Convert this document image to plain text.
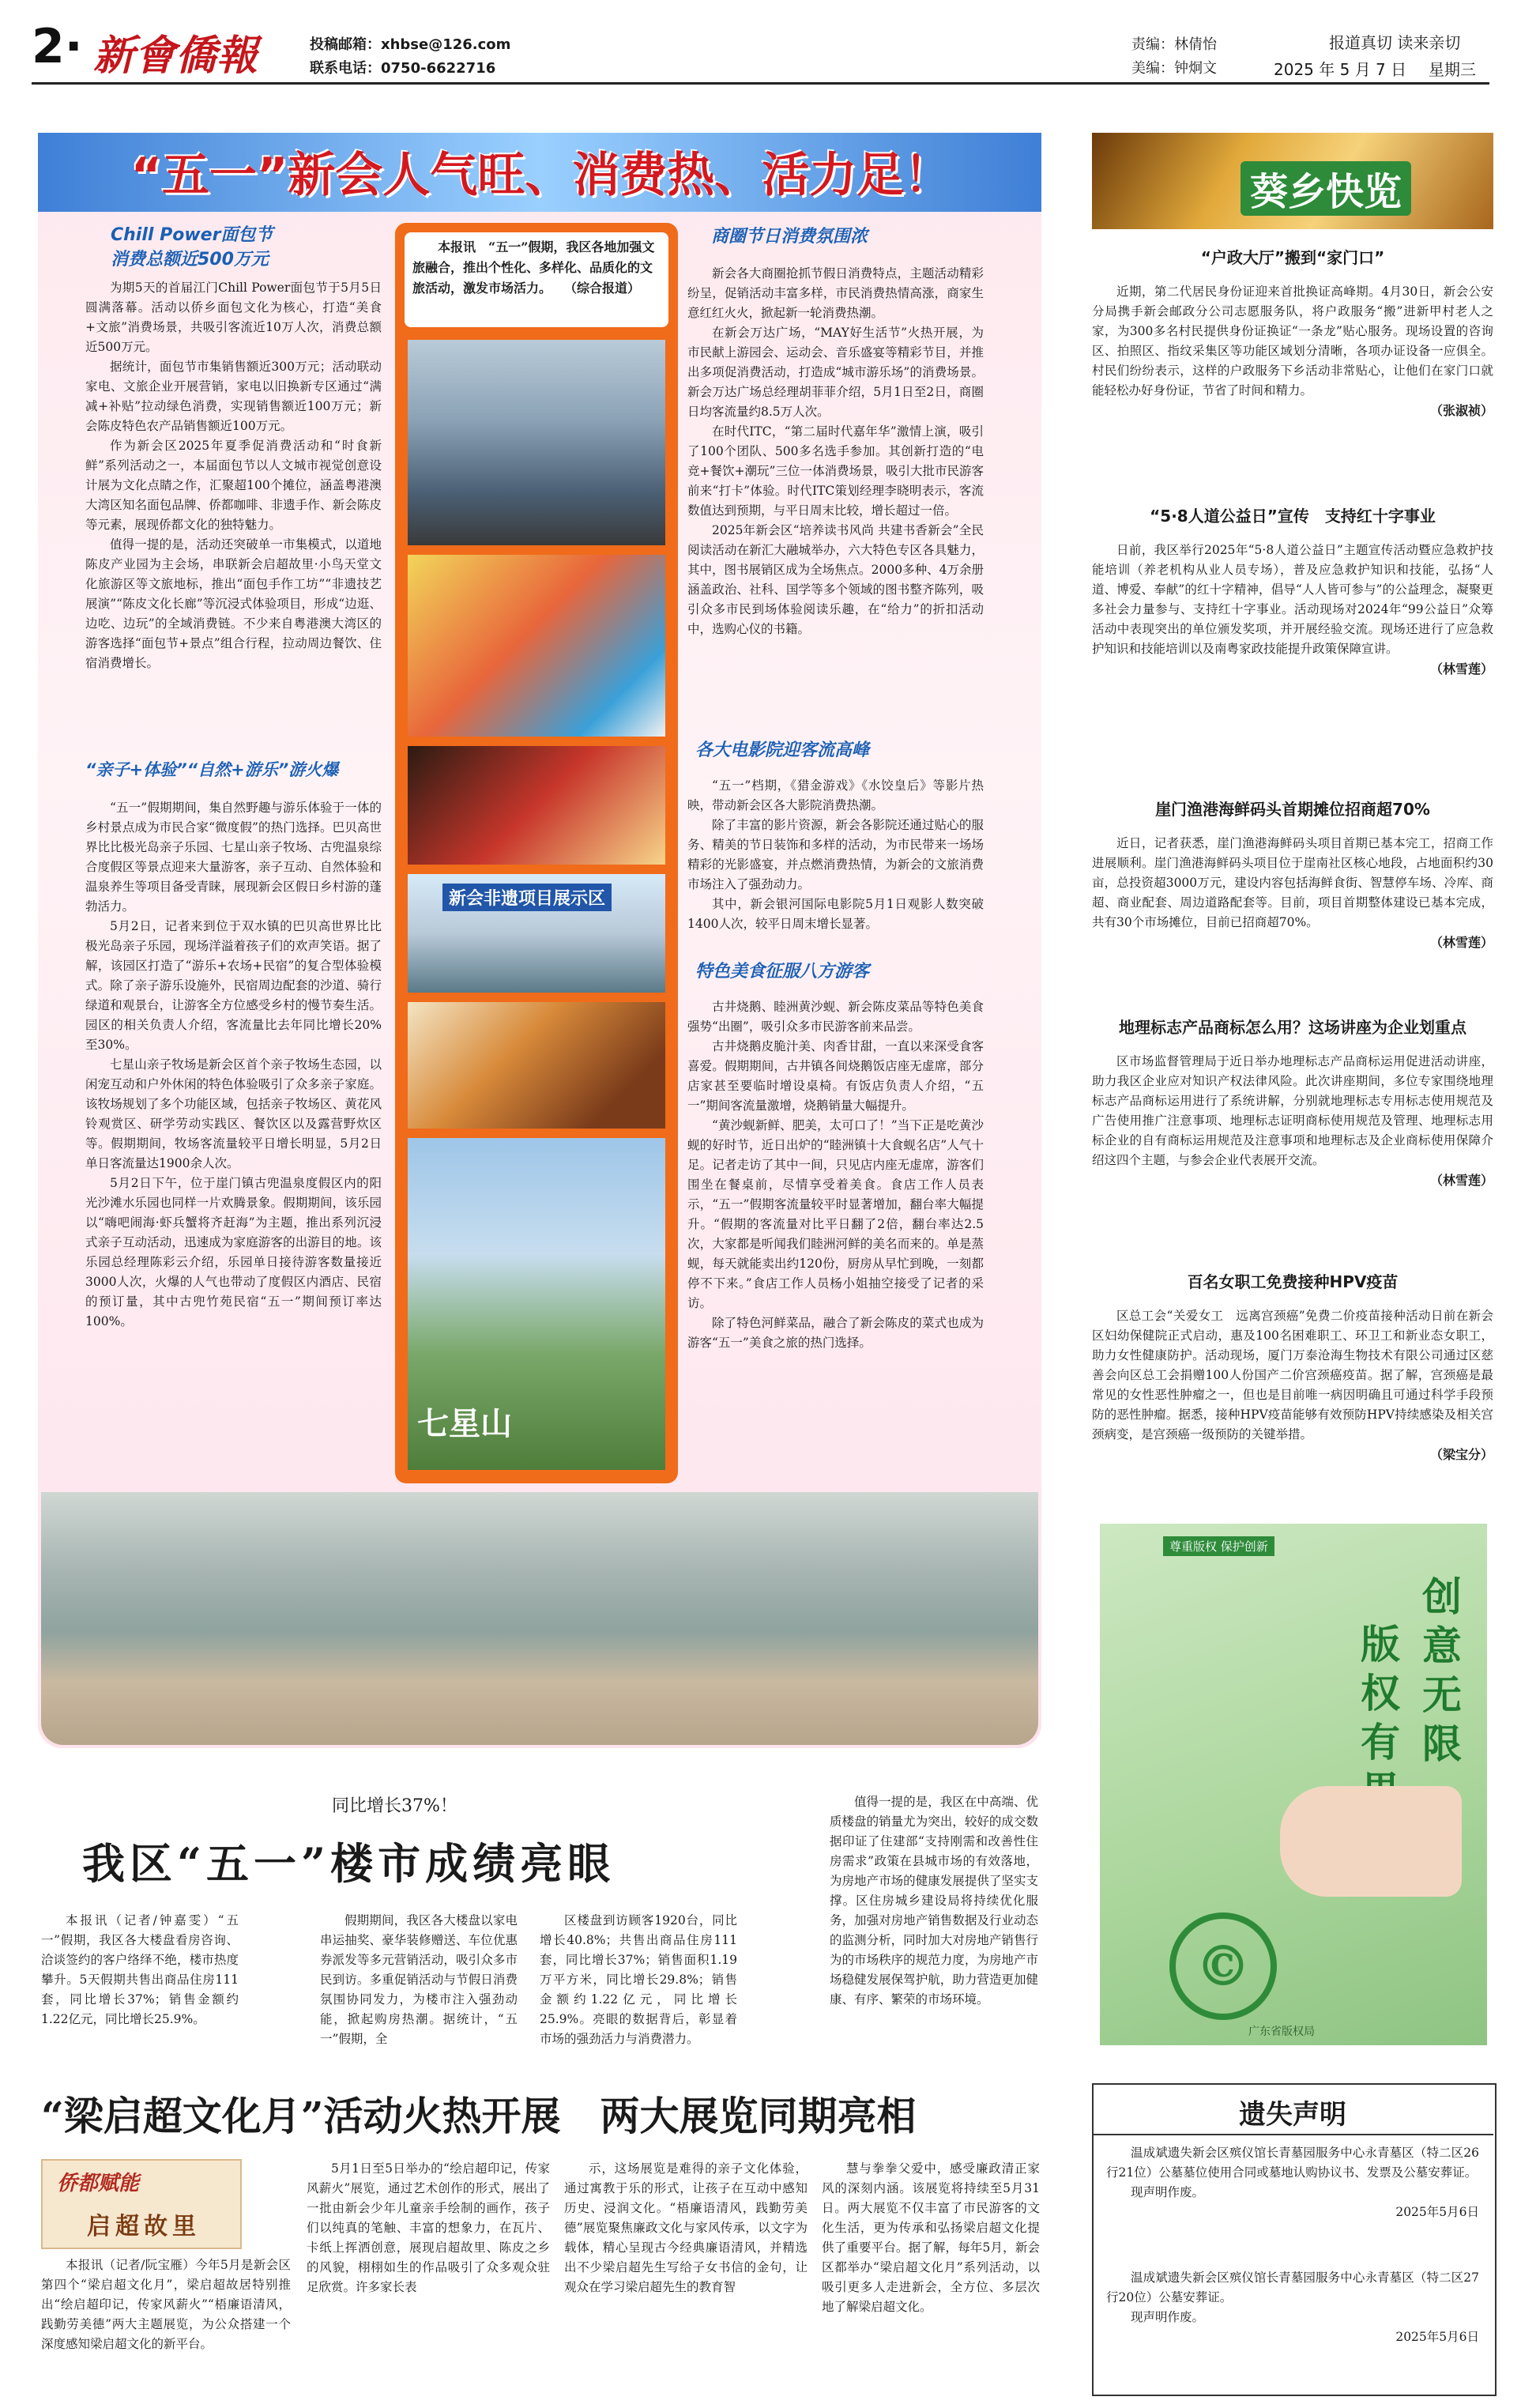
2· 新會僑報	投稿邮箱：xhbse@126.com
联系电话：0750-6622716
责编：林倩怡
美编：钟炯文
报道真切 读来亲切
2025 年 5 月 7 日 星期三
“五一”新会人气旺、消费热、活力足！
Chill Power面包节
消费总额近500万元

为期5天的首届江门Chill Power面包节于5月5日圆满落幕。活动以侨乡面包文化为核心，打造“美食+文旅”消费场景，共吸引客流近10万人次，消费总额近500万元。

据统计，面包节市集销售额近300万元；活动联动家电、文旅企业开展营销，家电以旧换新专区通过“满减+补贴”拉动绿色消费，实现销售额近100万元；新会陈皮特色农产品销售额近100万元。

作为新会区2025年夏季促消费活动和“时食新鲜”系列活动之一，本届面包节以人文城市视觉创意设计展为文化点睛之作，汇聚超100个摊位，涵盖粤港澳大湾区知名面包品牌、侨都咖啡、非遗手作、新会陈皮等元素，展现侨都文化的独特魅力。

值得一提的是，活动还突破单一市集模式，以道地陈皮产业园为主会场，串联新会启超故里·小鸟天堂文化旅游区等文旅地标，推出“面包手作工坊”“非遗技艺展演”“陈皮文化长廊”等沉浸式体验项目，形成“边逛、边吃、边玩”的全域消费链。不少来自粤港澳大湾区的游客选择“面包节+景点”组合行程，拉动周边餐饮、住宿消费增长。

“亲子+体验”“自然+游乐”游火爆

“五一”假期期间，集自然野趣与游乐体验于一体的乡村景点成为市民合家“微度假”的热门选择。巴贝高世界比比极光岛亲子乐园、七星山亲子牧场、古兜温泉综合度假区等景点迎来大量游客，亲子互动、自然体验和温泉养生等项目备受青睐，展现新会区假日乡村游的蓬勃活力。

5月2日，记者来到位于双水镇的巴贝高世界比比极光岛亲子乐园，现场洋溢着孩子们的欢声笑语。据了解，该园区打造了“游乐+农场+民宿”的复合型体验模式。除了亲子游乐设施外，民宿周边配套的沙道、骑行绿道和观景台，让游客全方位感受乡村的慢节奏生活。园区的相关负责人介绍，客流量比去年同比增长20%至30%。

七星山亲子牧场是新会区首个亲子牧场生态园，以闲宠互动和户外休闲的特色体验吸引了众多亲子家庭。该牧场规划了多个功能区域，包括亲子牧场区、黄花风铃观赏区、研学劳动实践区、餐饮区以及露营野炊区等。假期期间，牧场客流量较平日增长明显，5月2日单日客流量达1900余人次。

5月2日下午，位于崖门镇古兜温泉度假区内的阳光沙滩水乐园也同样一片欢腾景象。假期期间，该乐园以“嗨吧闹海·虾兵蟹将齐赶海”为主题，推出系列沉浸式亲子互动活动，迅速成为家庭游客的出游目的地。该乐园总经理陈彩云介绍，乐园单日接待游客数量接近3000人次，火爆的人气也带动了度假区内酒店、民宿的预订量，其中古兜竹苑民宿“五一”期间预订率达100%。

本报讯　“五一”假期，我区各地加强文旅融合，推出个性化、多样化、品质化的文旅活动，激发市场活力。　　（综合报道）
新会非遗项目展示区
七星山
商圈节日消费氛围浓

新会各大商圈抢抓节假日消费特点，主题活动精彩纷呈，促销活动丰富多样，市民消费热情高涨，商家生意红红火火，掀起新一轮消费热潮。

在新会万达广场，“MAY好生活节”火热开展，为市民献上游园会、运动会、音乐盛宴等精彩节目，并推出多项促消费活动，打造成“城市游乐场”的消费场景。新会万达广场总经理胡菲菲介绍，5月1日至2日，商圈日均客流量约8.5万人次。

在时代ITC，“第二届时代嘉年华”激情上演，吸引了100个团队、500多名选手参加。其创新打造的“电竞+餐饮+潮玩”三位一体消费场景，吸引大批市民游客前来“打卡”体验。时代ITC策划经理李晓明表示，客流数值达到预期，与平日周末比较，增长超过一倍。

2025年新会区“培养读书风尚 共建书香新会”全民阅读活动在新汇大融城举办，六大特色专区各具魅力，其中，图书展销区成为全场焦点。2000多种、4万余册涵盖政治、社科、国学等多个领域的图书整齐陈列，吸引众多市民到场体验阅读乐趣，在“给力”的折扣活动中，选购心仪的书籍。

各大电影院迎客流高峰

“五一”档期，《猎金游戏》《水饺皇后》等影片热映，带动新会区各大影院消费热潮。

除了丰富的影片资源，新会各影院还通过贴心的服务、精美的节日装饰和多样的活动，为市民带来一场场精彩的光影盛宴，并点燃消费热情，为新会的文旅消费市场注入了强劲动力。

其中，新会银河国际电影院5月1日观影人数突破1400人次，较平日周末增长显著。

特色美食征服八方游客

古井烧鹅、睦洲黄沙蚬、新会陈皮菜品等特色美食强势“出圈”，吸引众多市民游客前来品尝。

古井烧鹅皮脆汁美、肉香甘甜，一直以来深受食客喜爱。假期期间，古井镇各间烧鹅饭店座无虚席，部分店家甚至要临时增设桌椅。有饭店负责人介绍，“五一”期间客流量激增，烧鹅销量大幅提升。

“黄沙蚬新鲜、肥美，太可口了！”当下正是吃黄沙蚬的好时节，近日出炉的“睦洲镇十大食蚬名店”人气十足。记者走访了其中一间，只见店内座无虚席，游客们围坐在餐桌前，尽情享受着美食。食店工作人员表示，“五一”假期客流量较平时显著增加，翻台率大幅提升。“假期的客流量对比平日翻了2倍，翻台率达2.5次，大家都是听闻我们睦洲河鲜的美名而来的。单是蒸蚬，每天就能卖出约120份，厨房从早忙到晚，一刻都停不下来。”食店工作人员杨小姐抽空接受了记者的采访。

除了特色河鲜菜品，融合了新会陈皮的菜式也成为游客“五一”美食之旅的热门选择。

同比增长37%！
我区“五一”楼市成绩亮眼
本报讯（记者/钟嘉雯）“五一”假期，我区各大楼盘看房咨询、洽谈签约的客户络绎不绝，楼市热度攀升。5天假期共售出商品住房111套，同比增长37%；销售金额约1.22亿元，同比增长25.9%。
假期期间，我区各大楼盘以家电串运抽奖、豪华装修赠送、车位优惠券派发等多元营销活动，吸引众多市民到访。多重促销活动与节假日消费氛围协同发力，为楼市注入强劲动能，掀起购房热潮。据统计，“五一”假期，全
区楼盘到访顾客1920台，同比增长40.8%；共售出商品住房111套，同比增长37%；销售面积1.19万平方米，同比增长29.8%；销售金额约1.22亿元，同比增长25.9%。亮眼的数据背后，彰显着市场的强劲活力与消费潜力。
值得一提的是，我区在中高端、优质楼盘的销量尤为突出，较好的成交数据印证了住建部“支持刚需和改善性住房需求”政策在县城市场的有效落地，为房地产市场的健康发展提供了坚实支撑。区住房城乡建设局将持续优化服务，加强对房地产销售数据及行业动态的监测分析，同时加大对房地产销售行为的市场秩序的规范力度，为房地产市场稳健发展保驾护航，助力营造更加健康、有序、繁荣的市场环境。
“梁启超文化月”活动火热开展　两大展览同期亮相
侨都赋能
启超故里
本报讯（记者/阮宝雁）今年5月是新会区第四个“梁启超文化月”，梁启超故居特别推出“绘启超印记，传家风薪火”“梧廉语清风，践勤劳美德”两大主题展览，为公众搭建一个深度感知梁启超文化的新平台。
5月1日至5日举办的“绘启超印记，传家风薪火”展览，通过艺术创作的形式，展出了一批由新会少年儿童亲手绘制的画作，孩子们以纯真的笔触、丰富的想象力，在瓦片、卡纸上挥洒创意，展现启超故里、陈皮之乡的风貌，栩栩如生的作品吸引了众多观众驻足欣赏。许多家长表
示，这场展览是难得的亲子文化体验，通过寓教于乐的形式，让孩子在互动中感知历史、浸润文化。“梧廉语清风，践勤劳美德”展览聚焦廉政文化与家风传承，以文字为载体，精心呈现古今经典廉语清风，并精选出不少梁启超先生写给子女书信的金句，让观众在学习梁启超先生的教育智
慧与拳拳父爱中，感受廉政清正家风的深刻内涵。该展览将持续至5月31日。两大展览不仅丰富了市民游客的文化生活，更为传承和弘扬梁启超文化提供了重要平台。据了解，每年5月，新会区都举办“梁启超文化月”系列活动，以吸引更多人走进新会，全方位、多层次地了解梁启超文化。
葵乡快览
“户政大厅”搬到“家门口”
近期，第二代居民身份证迎来首批换证高峰期。4月30日，新会公安分局携手新会邮政分公司志愿服务队，将户政服务“搬”进新甲村老人之家，为300多名村民提供身份证换证“一条龙”贴心服务。现场设置的咨询区、拍照区、指纹采集区等功能区域划分清晰，各项办证设备一应俱全。村民们纷纷表示，这样的户政服务下乡活动非常贴心，让他们在家门口就能轻松办好身份证，节省了时间和精力。
（张淑祯）
“5·8人道公益日”宣传　支持红十字事业
日前，我区举行2025年“5·8人道公益日”主题宣传活动暨应急救护技能培训（养老机构从业人员专场），普及应急救护知识和技能，弘扬“人道、博爱、奉献”的红十字精神，倡导“人人皆可参与”的公益理念，凝聚更多社会力量参与、支持红十字事业。活动现场对2024年“99公益日”众筹活动中表现突出的单位颁发奖项，并开展经验交流。现场还进行了应急救护知识和技能培训以及南粤家政技能提升政策保障宣讲。
（林雪莲）
崖门渔港海鲜码头首期摊位招商超70%
近日，记者获悉，崖门渔港海鲜码头项目首期已基本完工，招商工作进展顺利。崖门渔港海鲜码头项目位于崖南社区核心地段，占地面积约30亩，总投资超3000万元，建设内容包括海鲜食街、智慧停车场、冷库、商超、商业配套、周边道路配套等。目前，项目首期整体建设已基本完成，共有30个市场摊位，目前已招商超70%。
（林雪莲）
地理标志产品商标怎么用？这场讲座为企业划重点
区市场监督管理局于近日举办地理标志产品商标运用促进活动讲座，助力我区企业应对知识产权法律风险。此次讲座期间，多位专家围绕地理标志产品商标运用进行了系统讲解，分别就地理标志专用标志使用规范及广告使用推广注意事项、地理标志证明商标使用规范及管理、地理标志用标企业的自有商标运用规范及注意事项和地理标志及企业商标使用保障介绍这四个主题，与参会企业代表展开交流。
（林雪莲）
百名女职工免费接种HPV疫苗
区总工会“关爱女工　远离宫颈癌”免费二价疫苗接种活动日前在新会区妇幼保健院正式启动，惠及100名困难职工、环卫工和新业态女职工，助力女性健康防护。活动现场，厦门万泰沧海生物技术有限公司通过区慈善会向区总工会捐赠100人份国产二价宫颈癌疫苗。据了解，宫颈癌是最常见的女性恶性肿瘤之一，但也是目前唯一病因明确且可通过科学手段预防的恶性肿瘤。据悉，接种HPV疫苗能够有效预防HPV持续感染及相关宫颈病变，是宫颈癌一级预防的关键举措。
（梁宝分）
尊重版权 保护创新
创意无限
版权有
©
广东省版权局
遗失声明
温成斌遗失新会区殡仪馆长青墓园服务中心永青墓区（特二区26行21位）公墓墓位使用合同或墓地认购协议书、发票及公墓安葬证。
现声明作废。
2025年5月6日
温成斌遗失新会区殡仪馆长青墓园服务中心永青墓区（特二区27行20位）公墓安葬证。
现声明作废。
2025年5月6日
